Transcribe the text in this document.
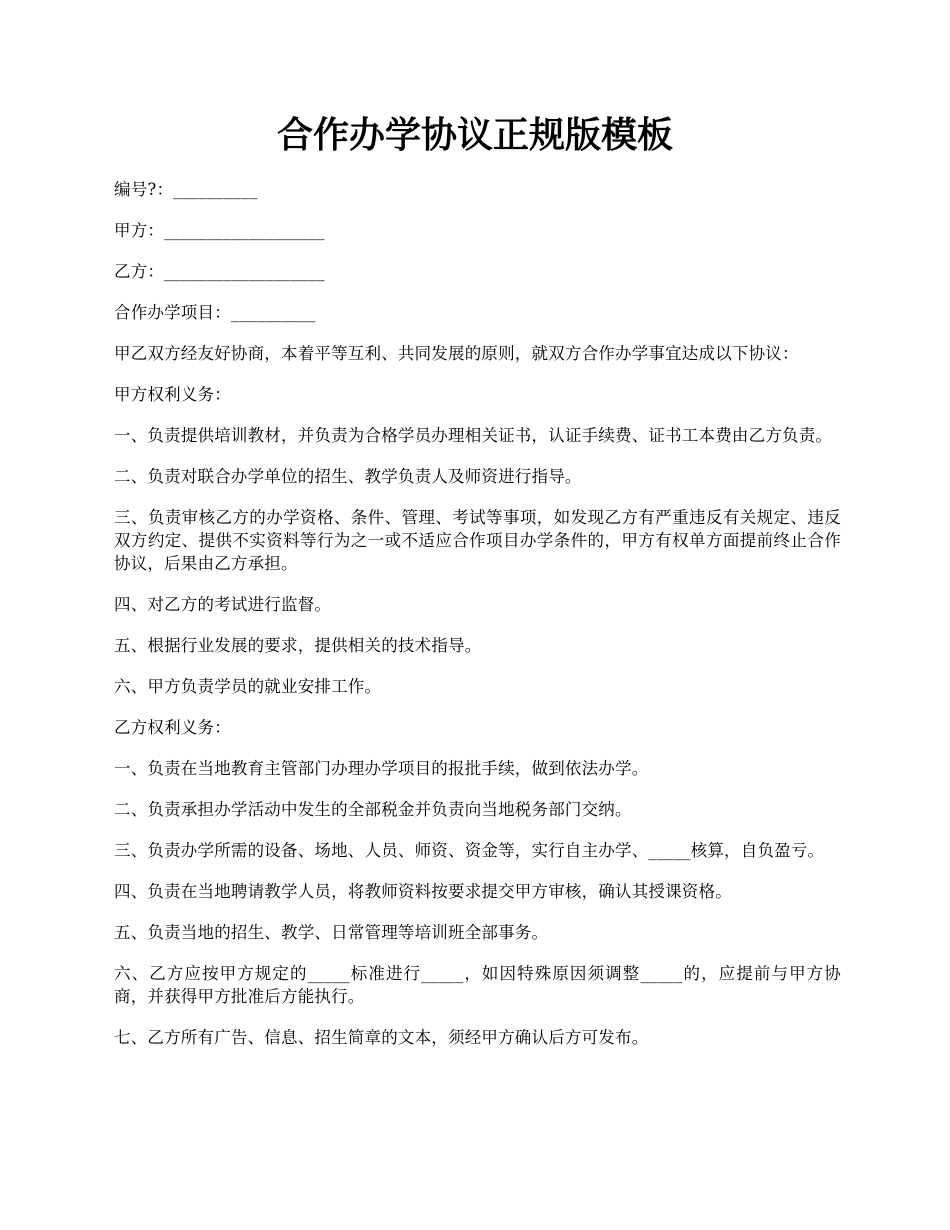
合作办学协议正规版模板

编号?：__________

甲方：___________________

乙方：___________________

合作办学项目：__________

甲乙双方经友好协商，本着平等互利、共同发展的原则，就双方合作办学事宜达成以下协议：

甲方权利义务：

一、负责提供培训教材，并负责为合格学员办理相关证书，认证手续费、证书工本费由乙方负责。

二、负责对联合办学单位的招生、教学负责人及师资进行指导。

三、负责审核乙方的办学资格、条件、管理、考试等事项，如发现乙方有严重违反有关规定、违反双方约定、提供不实资料等行为之一或不适应合作项目办学条件的，甲方有权单方面提前终止合作协议，后果由乙方承担。

四、对乙方的考试进行监督。

五、根据行业发展的要求，提供相关的技术指导。

六、甲方负责学员的就业安排工作。

乙方权利义务：

一、负责在当地教育主管部门办理办学项目的报批手续，做到依法办学。

二、负责承担办学活动中发生的全部税金并负责向当地税务部门交纳。

三、负责办学所需的设备、场地、人员、师资、资金等，实行自主办学、_____核算，自负盈亏。

四、负责在当地聘请教学人员，将教师资料按要求提交甲方审核，确认其授课资格。

五、负责当地的招生、教学、日常管理等培训班全部事务。

六、乙方应按甲方规定的_____标准进行_____，如因特殊原因须调整_____的，应提前与甲方协商，并获得甲方批准后方能执行。

七、乙方所有广告、信息、招生简章的文本，须经甲方确认后方可发布。
